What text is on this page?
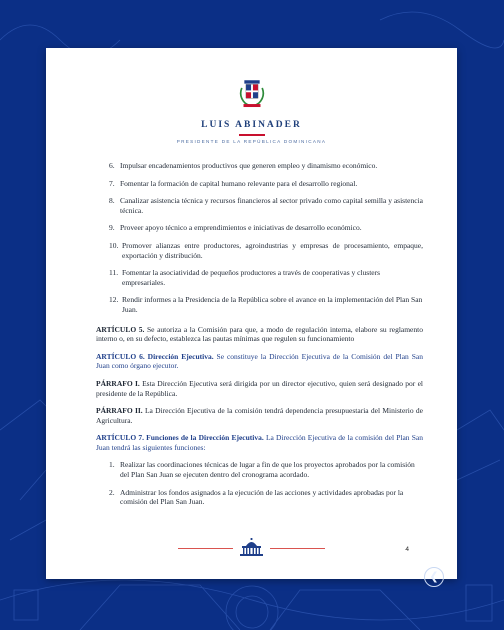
LUIS ABINADER
PRESIDENTE DE LA REPÚBLICA DOMINICANA
6. Impulsar encadenamientos productivos que generen empleo y dinamismo económico.
7. Fomentar la formación de capital humano relevante para el desarrollo regional.
8. Canalizar asistencia técnica y recursos financieros al sector privado como capital semilla y asistencia técnica.
9. Proveer apoyo técnico a emprendimientos e iniciativas de desarrollo económico.
10. Promover alianzas entre productores, agroindustrias y empresas de procesamiento, empaque, exportación y distribución.
11. Fomentar la asociatividad de pequeños productores a través de cooperativas y clusters empresariales.
12. Rendir informes a la Presidencia de la República sobre el avance en la implementación del Plan San Juan.

ARTÍCULO 5. Se autoriza a la Comisión para que, a modo de regulación interna, elabore su reglamento interno o, en su defecto, establezca las pautas mínimas que regulen su funcionamiento

ARTÍCULO 6. Dirección Ejecutiva. Se constituye la Dirección Ejecutiva de la Comisión del Plan San Juan como órgano ejecutor.

PÁRRAFO I. Esta Dirección Ejecutiva será dirigida por un director ejecutivo, quien será designado por el presidente de la República.

PÁRRAFO II. La Dirección Ejecutiva de la comisión tendrá dependencia presupuestaria del Ministerio de Agricultura.

ARTÍCULO 7. Funciones de la Dirección Ejecutiva. La Dirección Ejecutiva de la comisión del Plan San Juan tendrá las siguientes funciones:

1. Realizar las coordinaciones técnicas de lugar a fin de que los proyectos aprobados por la comisión del Plan San Juan se ejecuten dentro del cronograma acordado.
2. Administrar los fondos asignados a la ejecución de las acciones y actividades aprobadas por la comisión del Plan San Juan.
4
❮
